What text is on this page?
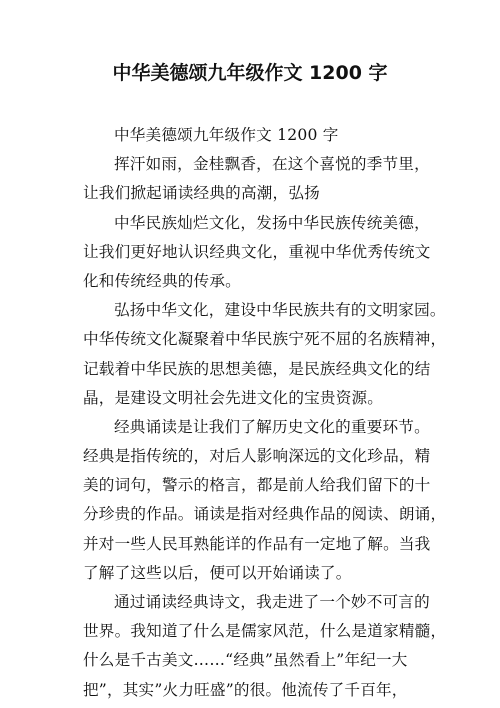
中华美德颂九年级作文 1200 字
中华美德颂九年级作文 1200 字
挥汗如雨，金桂飘香，在这个喜悦的季节里，
让我们掀起诵读经典的高潮，弘扬
中华民族灿烂文化，发扬中华民族传统美德，
让我们更好地认识经典文化，重视中华优秀传统文
化和传统经典的传承。
弘扬中华文化，建设中华民族共有的文明家园。
中华传统文化凝聚着中华民族宁死不屈的名族精神，
记载着中华民族的思想美德，是民族经典文化的结
晶，是建设文明社会先进文化的宝贵资源。
经典诵读是让我们了解历史文化的重要环节。
经典是指传统的，对后人影响深远的文化珍品，精
美的词句，警示的格言，都是前人给我们留下的十
分珍贵的作品。诵读是指对经典作品的阅读、朗诵，
并对一些人民耳熟能详的作品有一定地了解。当我
了解了这些以后，便可以开始诵读了。
通过诵读经典诗文，我走进了一个妙不可言的
世界。我知道了什么是儒家风范，什么是道家精髓，
什么是千古美文……“经典”虽然看上”年纪一大
把”，其实”火力旺盛”的很。他流传了千百年，
